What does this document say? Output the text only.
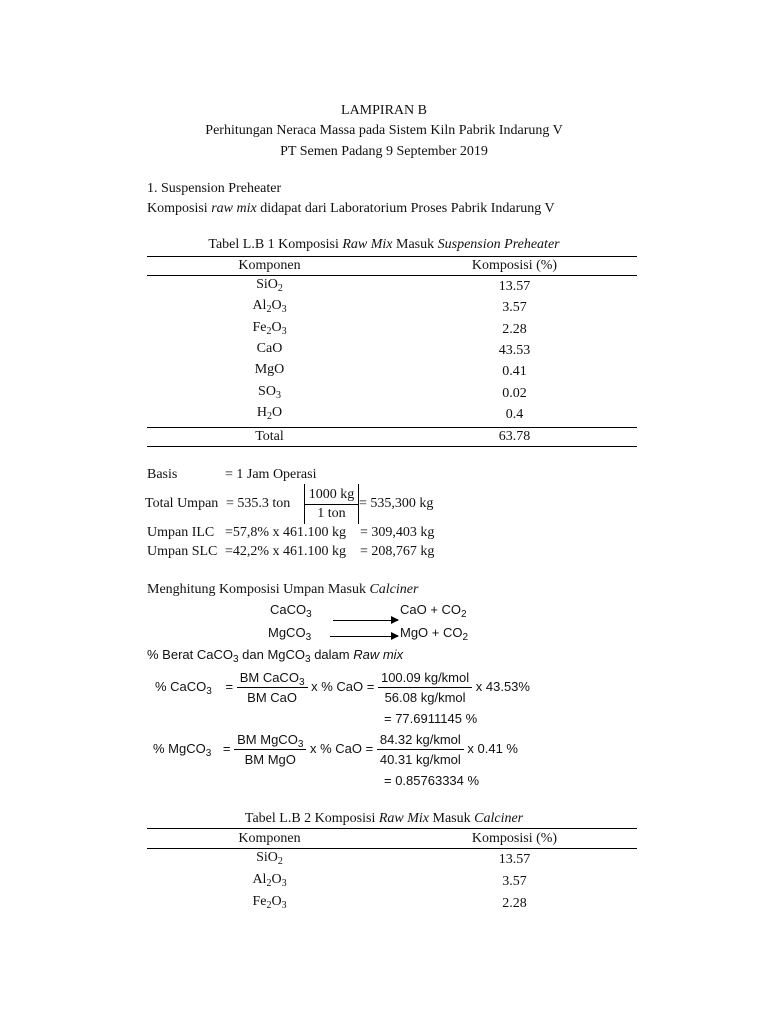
LAMPIRAN B
Perhitungan Neraca Massa pada Sistem Kiln Pabrik Indarung V
PT Semen Padang 9 September 2019
1. Suspension Preheater
Komposisi raw mix didapat dari Laboratorium Proses Pabrik Indarung V
Tabel L.B 1 Komposisi Raw Mix Masuk Suspension Preheater
Komponen	Komposisi (%)
SiO$_2$	13.57
$Al_2O_3$	3.57
$Fe_2O_3$	2.28
CaO	43.53
MgO	0.41
$SO_3$	0.02
$H_2O$	0.4
Total	63.78
Basis	= 1 Jam Operasi
Total Umpan = 535.3 ton
1000 kg
1 ton
= 535,300 kg
Umpan ILC =57,8% x 461.100 kg = 309,403 kg
Umpan SLC =42,2% x 461.100 kg = 208,767 kg
Menghitung Komposisi Umpan Masuk Calciner
CaCO$_3$	CaO + $CO_2$
MgCO$_3$	MgO + $CO_2$
% Berat CaCO$_3$ dan MgCO$_3$ dalam Raw mix
% CaCO$_3$ = $\frac{BM CaCO_3}{\text{BM CaO}}$ x % CaO = $\frac{\text{100.09 kg/kmol}}{\text{56.08 kg/kmol}}$ x 43.53%
= 77.6911145 %
% MgCO$_3$ = $\frac{BM MgCO_3}{\text{BM MgO}}$ x % CaO = $\frac{\text{84.32 kg/kmol}}{\text{40.31 kg/kmol}}$ x 0.41 %
= 0.85763334 %
Tabel L.B 2 Komposisi Raw Mix Masuk Calciner
Komponen	Komposisi (%)
SiO$_2$	13.57
$Al_2O_3$	3.57
$Fe_2O_3$	2.28
